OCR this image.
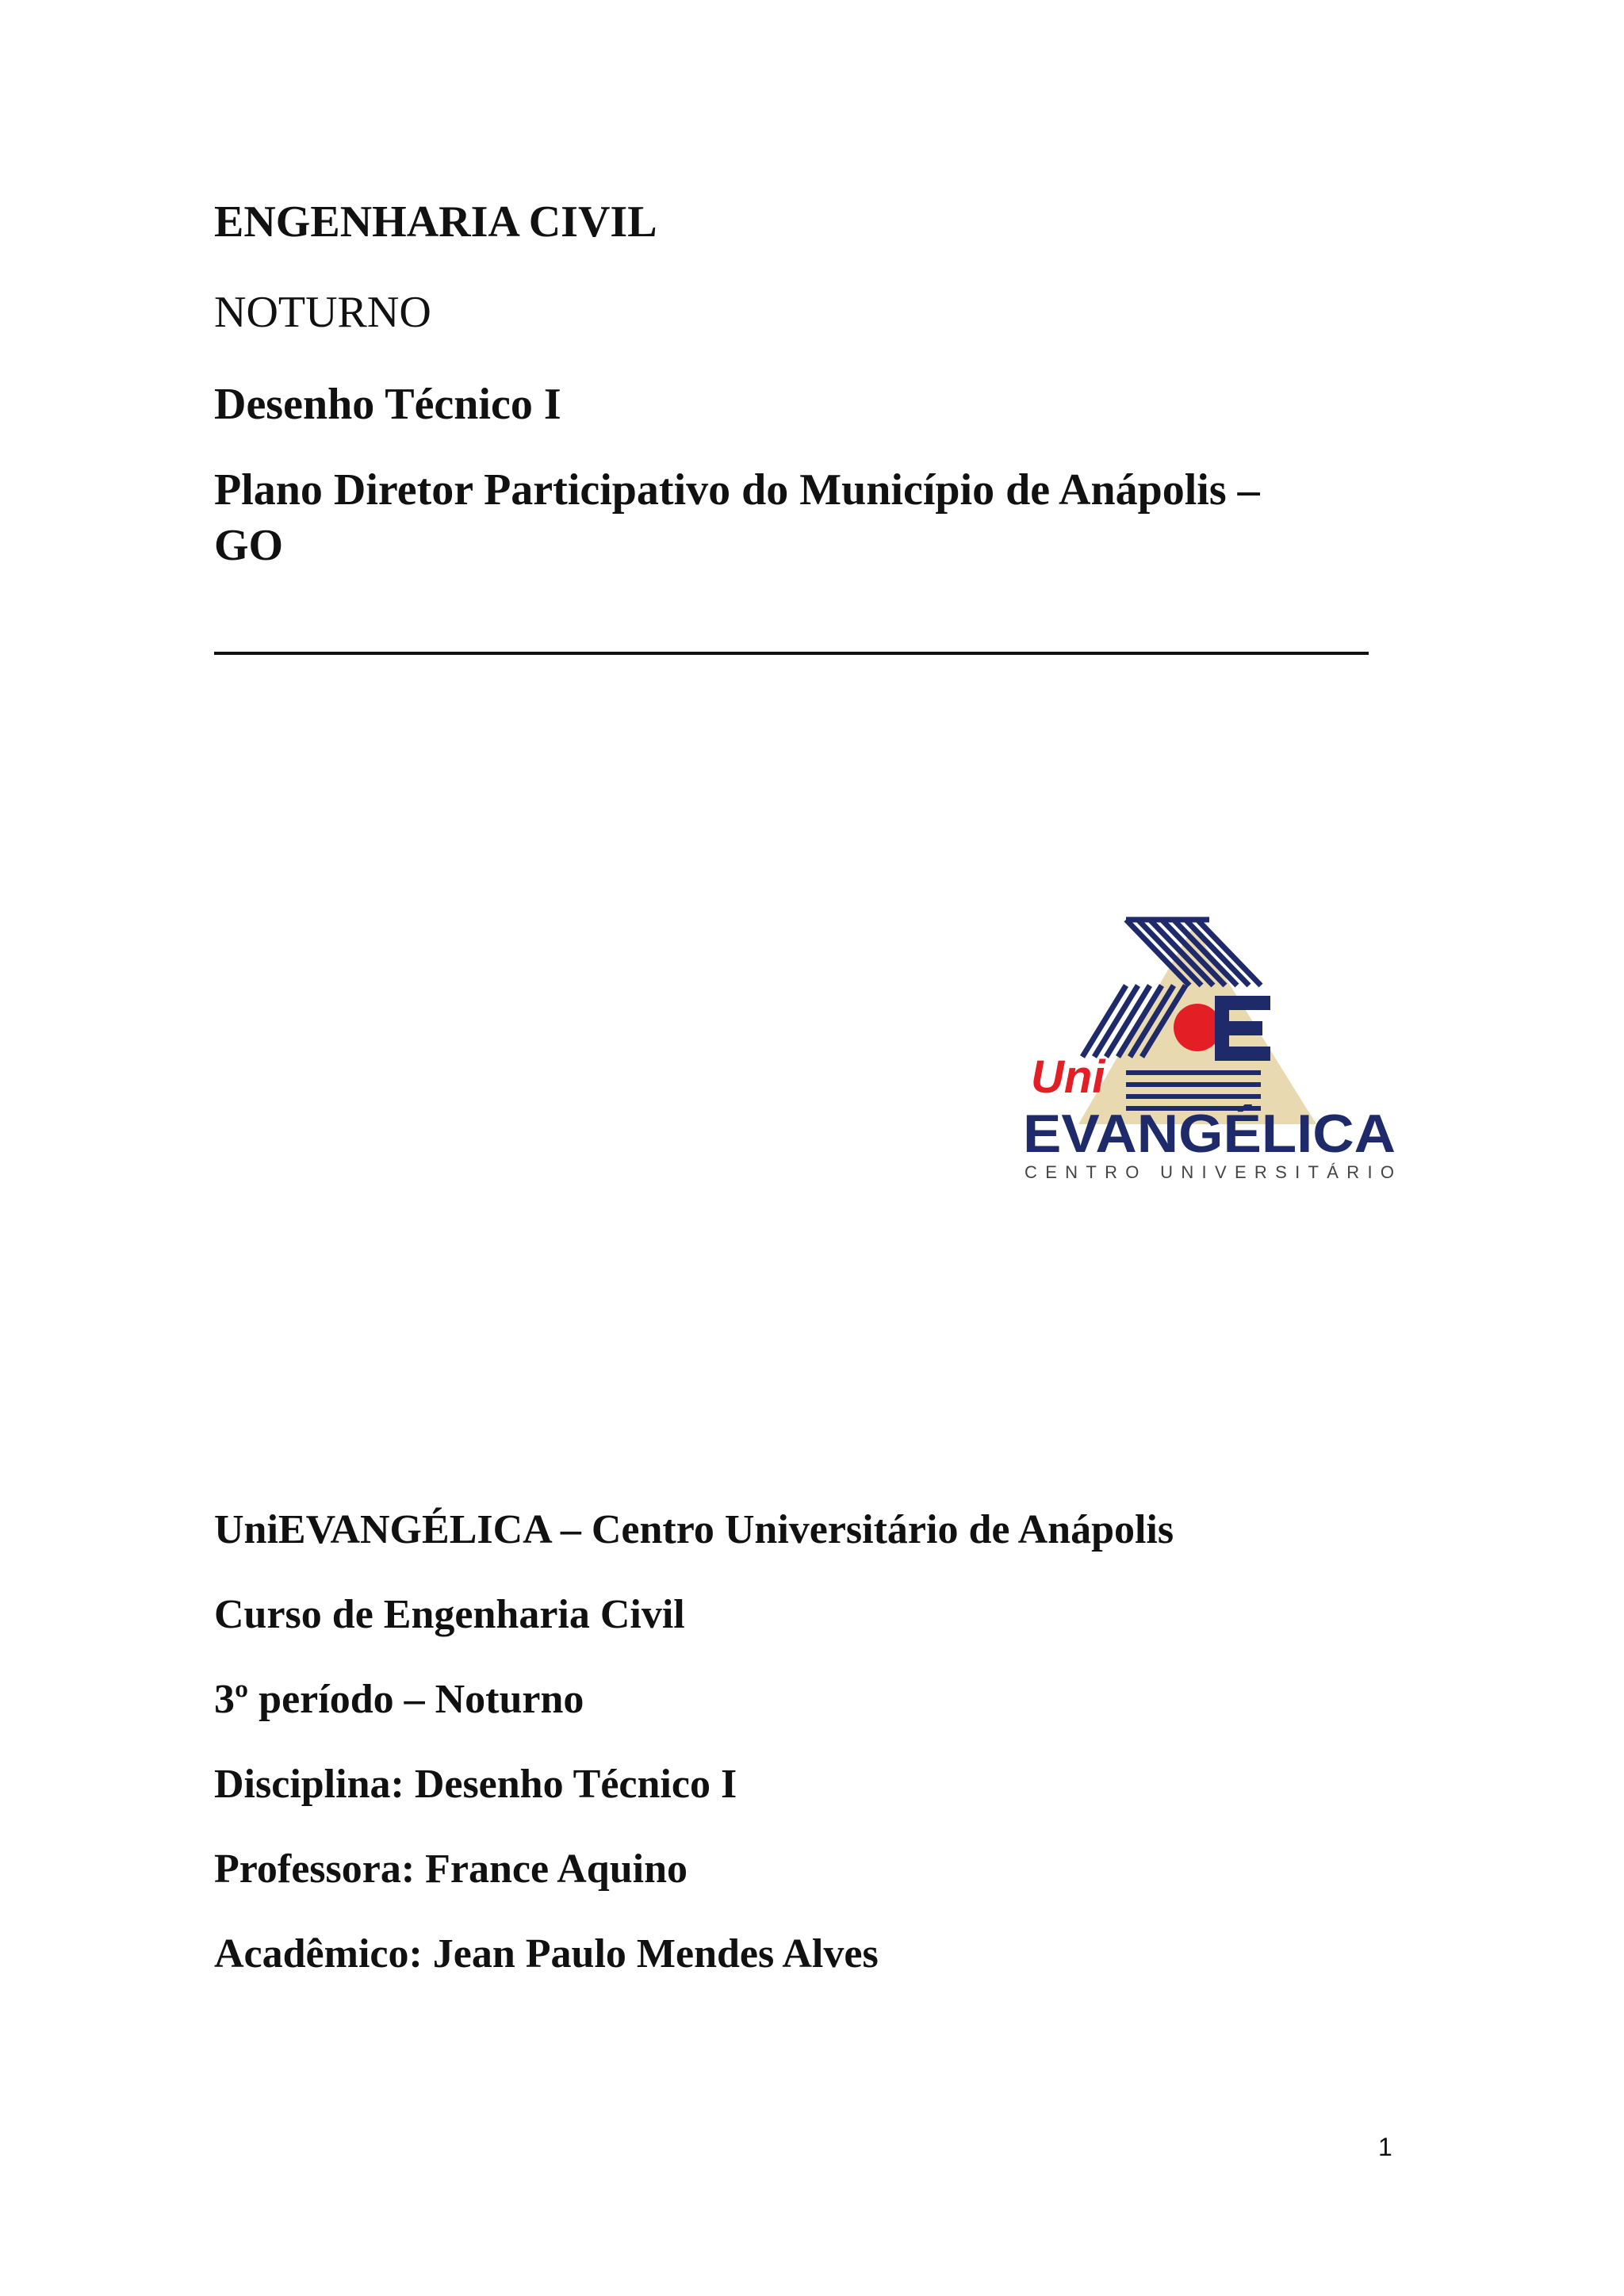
ENGENHARIA CIVIL
NOTURNO
Desenho Técnico I
Plano Diretor Participativo do Município de Anápolis –
GO
Uni
EVANGÉLICA
CENTRO UNIVERSITÁRIO
UniEVANGÉLICA – Centro Universitário de Anápolis
Curso de Engenharia Civil
3º período – Noturno
Disciplina: Desenho Técnico I
Professora: France Aquino
Acadêmico: Jean Paulo Mendes Alves
1
